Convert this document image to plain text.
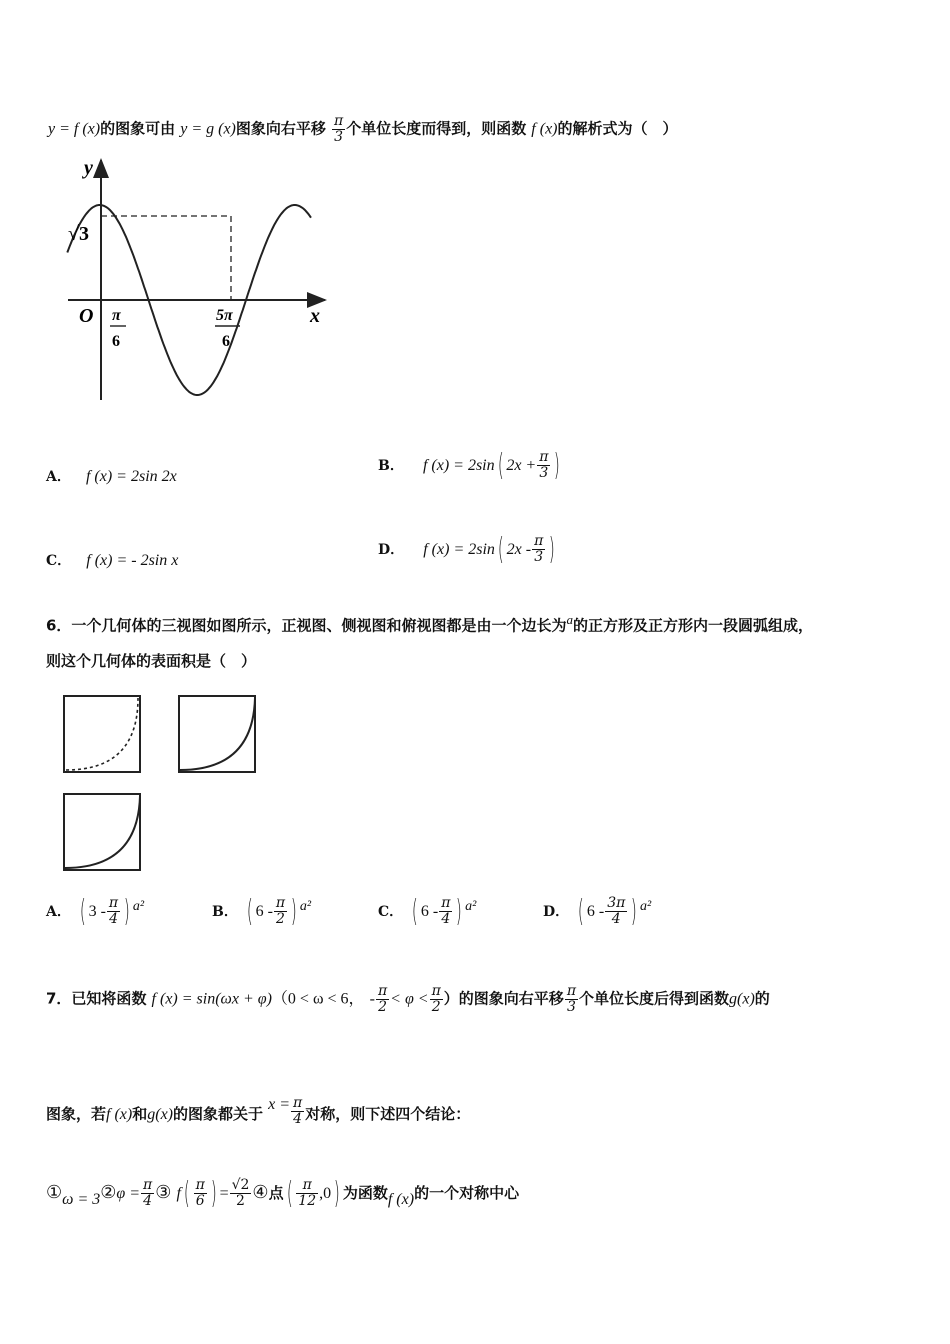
y = f (x)的图象可由 y = g (x)图象向右平移 $\frac{\pi}{3}$ 个单位长度而得到，则函数 f (x)的解析式为（　）
y
x
O
√3
π
6
5π
6
A． f (x) = 2sin 2x
B． f (x) = 2sin( $2x + \frac{\pi}{3}$ )
C． f (x) = - 2sin x
D． f (x) = 2sin( $2x - \frac{\pi}{3}$ )
6．一个几何体的三视图如图所示，正视图、侧视图和俯视图都是由一个边长为$^a$的正方形及正方形内一段圆弧组成，
则这个几何体的表面积是（　）
A． ( $3 - \frac{\pi}{4}$ ) a²	B． ( $6 - \frac{\pi}{2}$ ) a²	C． ( $6 - \frac{\pi}{4}$ ) a²	D． ( $6 - \frac{3\pi}{4}$ ) a²
7．已知将函数 f (x) = sin(ωx + φ)（0 < ω < 6， - $\frac{\pi}{2} < \varphi < \frac{\pi}{2}$ ）的图象向右平移 $\frac{\pi}{3}$ 个单位长度后得到函数g(x)的
图象，若f (x)和g(x)的图象都关于 $x = \frac{\pi}{4}$ 对称，则下述四个结论：
①ω = 3②φ = $\frac{\pi}{4}$ ③ $f( \frac{\pi}{6}$ ) = $\frac{√2}{2}$ ④点( $\frac{\pi}{12} ,0$) 为函数f (x)的一个对称中心
